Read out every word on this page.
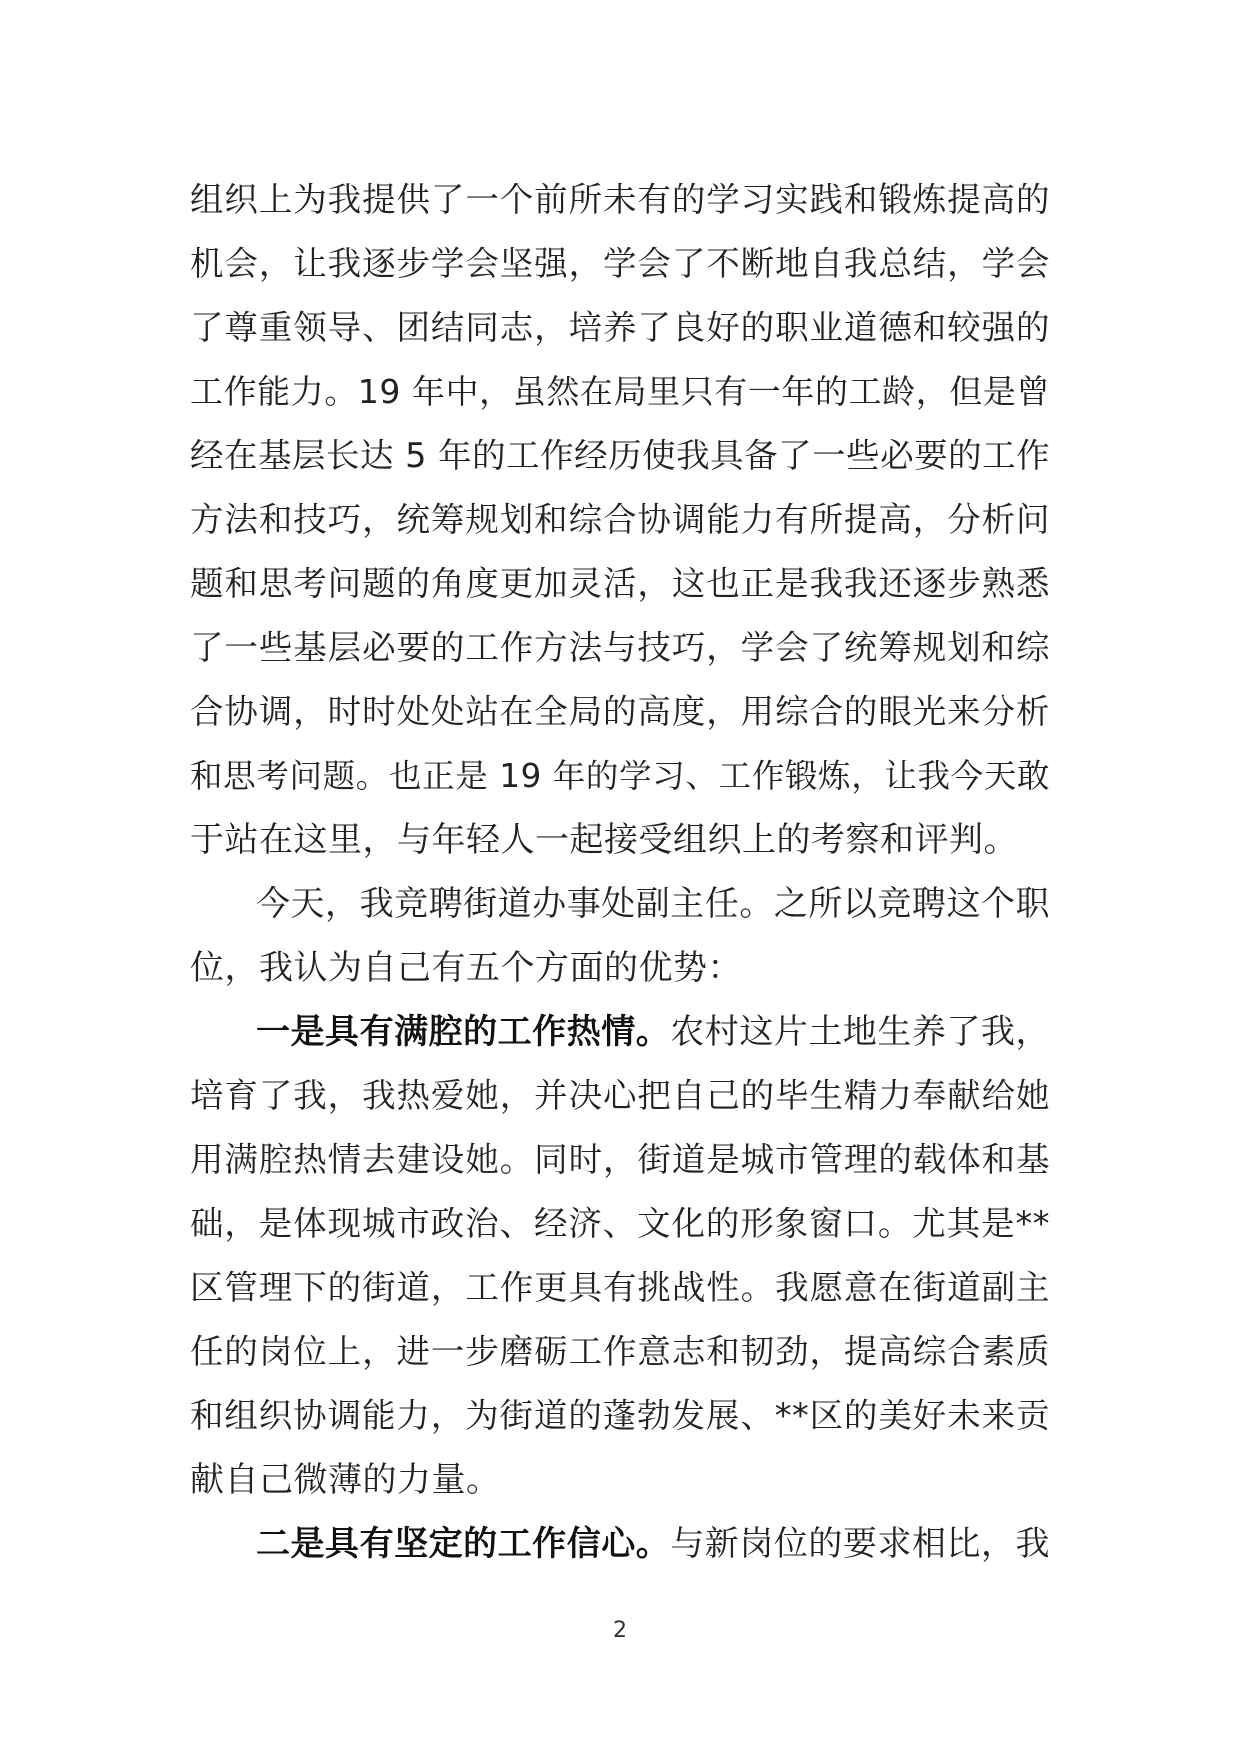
组织上为我提供了一个前所未有的学习实践和锻炼提高的
机会，让我逐步学会坚强，学会了不断地自我总结，学会
了尊重领导、团结同志，培养了良好的职业道德和较强的
工作能力。19 年中，虽然在局里只有一年的工龄，但是曾
经在基层长达 5 年的工作经历使我具备了一些必要的工作
方法和技巧，统筹规划和综合协调能力有所提高，分析问
题和思考问题的角度更加灵活，这也正是我我还逐步熟悉
了一些基层必要的工作方法与技巧，学会了统筹规划和综
合协调，时时处处站在全局的高度，用综合的眼光来分析
和思考问题。也正是 19 年的学习、工作锻炼，让我今天敢
于站在这里，与年轻人一起接受组织上的考察和评判。
今天，我竞聘街道办事处副主任。之所以竞聘这个职
位，我认为自己有五个方面的优势：
一是具有满腔的工作热情。农村这片土地生养了我，
培育了我，我热爱她，并决心把自己的毕生精力奉献给她
用满腔热情去建设她。同时，街道是城市管理的载体和基
础，是体现城市政治、经济、文化的形象窗口。尤其是**
区管理下的街道，工作更具有挑战性。我愿意在街道副主
任的岗位上，进一步磨砺工作意志和韧劲，提高综合素质
和组织协调能力，为街道的蓬勃发展、**区的美好未来贡
献自己微薄的力量。
二是具有坚定的工作信心。与新岗位的要求相比，我
2
